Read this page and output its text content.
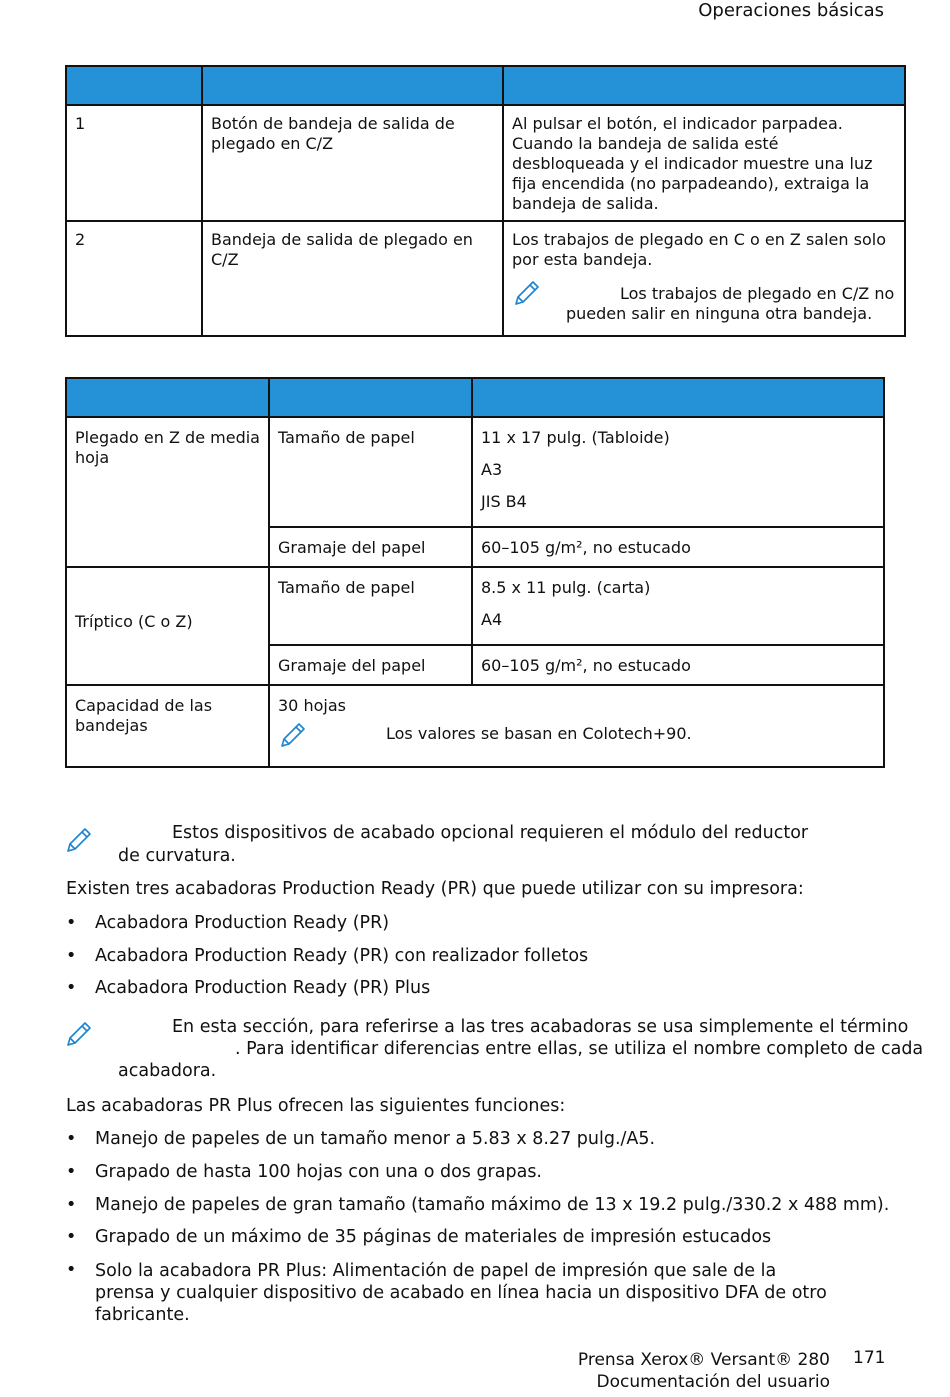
Operaciones básicas

1	Botón de bandeja de salida de plegado en C/Z	Al pulsar el botón, el indicador parpadea. Cuando la bandeja de salida esté desbloqueada y el indicador muestre una luz fija encendida (no parpadeando), extraiga la bandeja de salida.

2	Bandeja de salida de plegado en C/Z	Los trabajos de plegado en C o en Z salen solo por esta bandeja.
Los trabajos de plegado en C/Z no pueden salir en ninguna otra bandeja.

Plegado en Z de media hoja	Tamaño de papel	11 x 17 pulg. (Tabloide)
A3
JIS B4

	Gramaje del papel	60–105 g/m², no estucado

Tríptico (C o Z)	Tamaño de papel	8.5 x 11 pulg. (carta)
A4

	Gramaje del papel	60–105 g/m², no estucado

Capacidad de las bandejas	30 hojas
Los valores se basan en Colotech+90.	
Estos dispositivos de acabado opcional requieren el módulo del reductor de curvatura.
Existen tres acabadoras Production Ready (PR) que puede utilizar con su impresora:
•	Acabadora Production Ready (PR)
•	Acabadora Production Ready (PR) con realizador folletos
•	Acabadora Production Ready (PR) Plus
En esta sección, para referirse a las tres acabadoras se usa simplemente el término
. Para identificar diferencias entre ellas, se utiliza el nombre completo de cada
acabadora.
Las acabadoras PR Plus ofrecen las siguientes funciones:
•	Manejo de papeles de un tamaño menor a 5.83 x 8.27 pulg./A5.
•	Grapado de hasta 100 hojas con una o dos grapas.
•	Manejo de papeles de gran tamaño (tamaño máximo de 13 x 19.2 pulg./330.2 x 488 mm).
•	Grapado de un máximo de 35 páginas de materiales de impresión estucados
•	Solo la acabadora PR Plus: Alimentación de papel de impresión que sale de la prensa y cualquier dispositivo de acabado en línea hacia un dispositivo DFA de otro fabricante.
Prensa Xerox® Versant® 280
Documentación del usuario
171
